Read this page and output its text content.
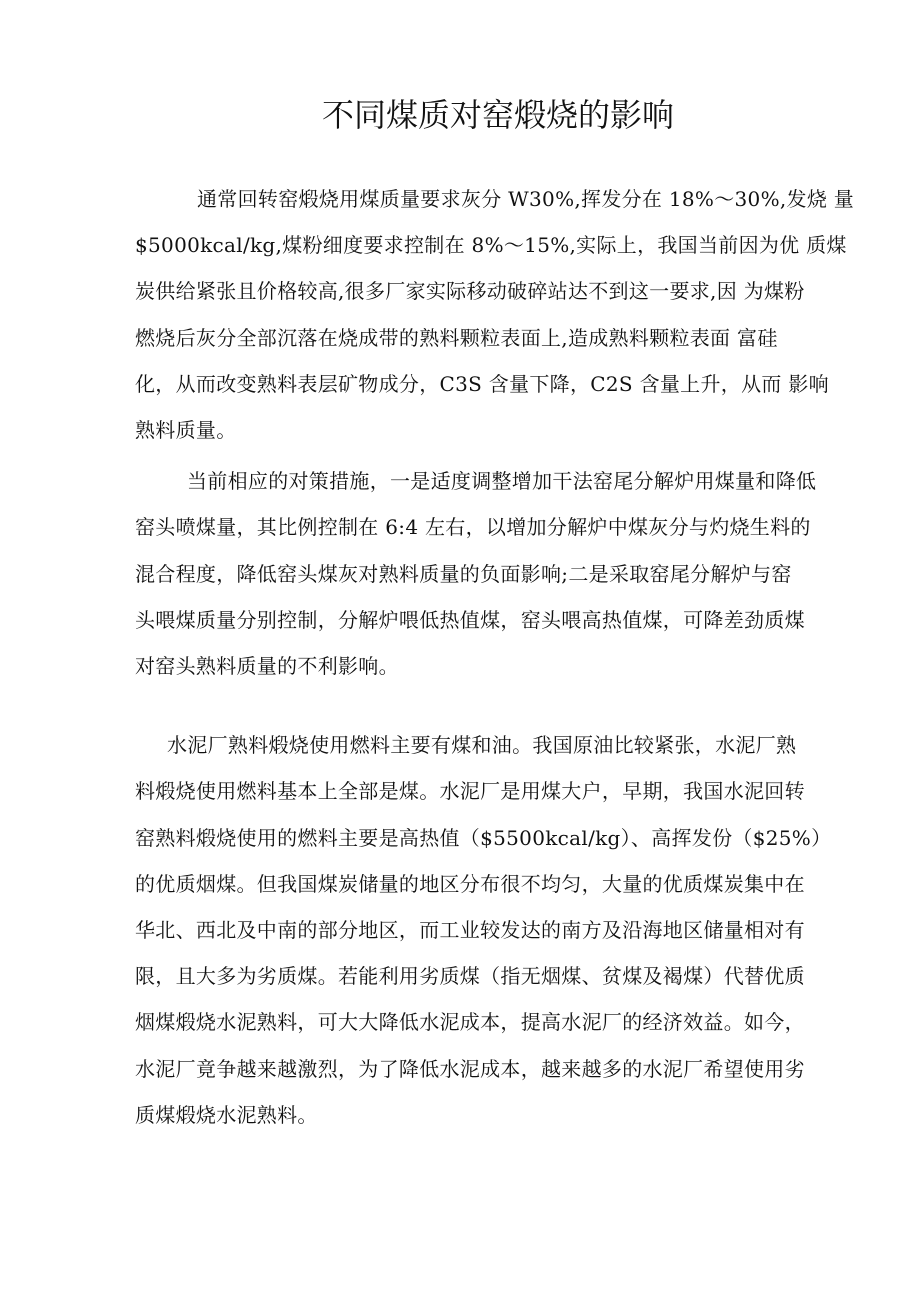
不同煤质对窑煅烧的影响
通常回转窑煅烧用煤质量要求灰分 W30%,挥发分在 18%〜30%,发烧 量
$5000kcal/kg,煤粉细度要求控制在 8%〜15%,实际上，我国当前因为优 质煤
炭供给紧张且价格较高,很多厂家实际移动破碎站达不到这一要求,因 为煤粉
燃烧后灰分全部沉落在烧成带的熟料颗粒表面上,造成熟料颗粒表面 富硅
化，从而改变熟料表层矿物成分，C3S 含量下降，C2S 含量上升，从而 影响
熟料质量。
当前相应的对策措施，一是适度调整增加干法窑尾分解炉用煤量和降低
窑头喷煤量，其比例控制在 6:4 左右，以增加分解炉中煤灰分与灼烧生料的
混合程度，降低窑头煤灰对熟料质量的负面影响;二是采取窑尾分解炉与窑
头喂煤质量分别控制，分解炉喂低热值煤，窑头喂高热值煤，可降差劲质煤
对窑头熟料质量的不利影响。
水泥厂熟料煅烧使用燃料主要有煤和油。我国原油比较紧张，水泥厂熟
料煅烧使用燃料基本上全部是煤。水泥厂是用煤大户，早期，我国水泥回转
窑熟料煅烧使用的燃料主要是高热值（$5500kcal/kg）、高挥发份（$25%）
的优质烟煤。但我国煤炭储量的地区分布很不均匀，大量的优质煤炭集中在
华北、西北及中南的部分地区，而工业较发达的南方及沿海地区储量相对有
限，且大多为劣质煤。若能利用劣质煤（指无烟煤、贫煤及褐煤）代替优质
烟煤煅烧水泥熟料，可大大降低水泥成本，提高水泥厂的经济效益。如今，
水泥厂竟争越来越激烈，为了降低水泥成本，越来越多的水泥厂希望使用劣
质煤煅烧水泥熟料。
